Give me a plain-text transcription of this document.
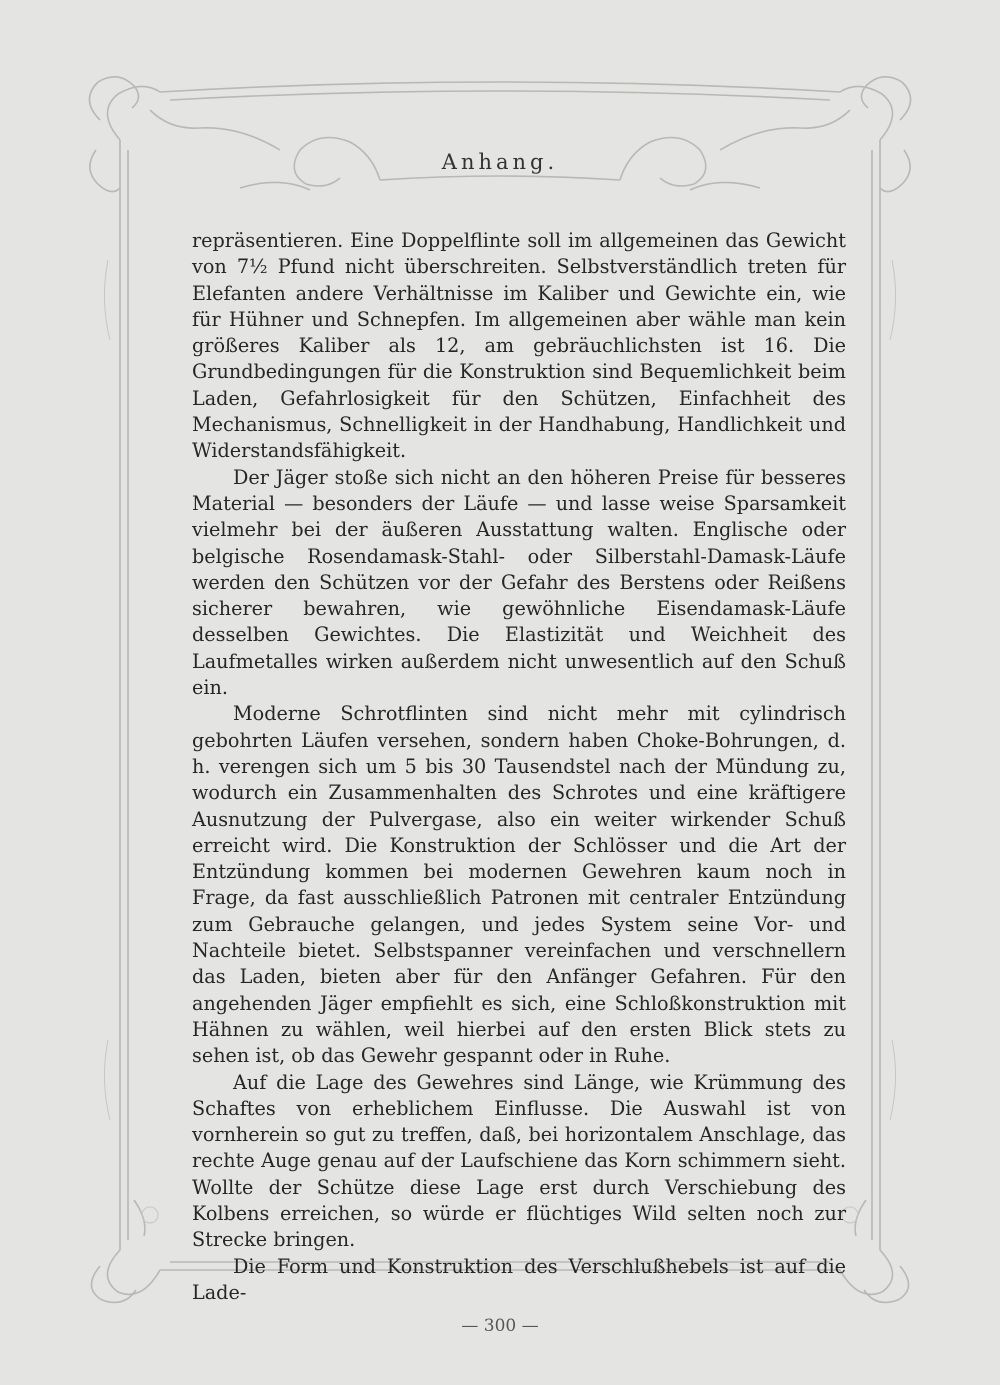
Anhang.

repräsentieren. Eine Doppelflinte soll im allgemeinen das Gewicht von 7½ Pfund nicht überschreiten. Selbstverständlich treten für Elefanten andere Verhältnisse im Kaliber und Gewichte ein, wie für Hühner und Schnepfen. Im allgemeinen aber wähle man kein größeres Kaliber als 12, am gebräuchlichsten ist 16. Die Grundbedingungen für die Konstruktion sind Bequemlichkeit beim Laden, Gefahrlosigkeit für den Schützen, Einfachheit des Mechanismus, Schnelligkeit in der Handhabung, Handlichkeit und Widerstandsfähigkeit.

Der Jäger stoße sich nicht an den höheren Preise für besseres Material — besonders der Läufe — und lasse weise Sparsamkeit vielmehr bei der äußeren Ausstattung walten. Englische oder belgische Rosendamask-Stahl- oder Silberstahl-Damask-Läufe werden den Schützen vor der Gefahr des Berstens oder Reißens sicherer bewahren, wie gewöhnliche Eisendamask-Läufe desselben Gewichtes. Die Elastizität und Weichheit des Laufmetalles wirken außerdem nicht unwesentlich auf den Schuß ein.

Moderne Schrotflinten sind nicht mehr mit cylindrisch gebohrten Läufen versehen, sondern haben Choke-Bohrungen, d. h. verengen sich um 5 bis 30 Tausendstel nach der Mündung zu, wodurch ein Zusammenhalten des Schrotes und eine kräftigere Ausnutzung der Pulvergase, also ein weiter wirkender Schuß erreicht wird. Die Konstruktion der Schlösser und die Art der Entzündung kommen bei modernen Gewehren kaum noch in Frage, da fast ausschließlich Patronen mit centraler Entzündung zum Gebrauche gelangen, und jedes System seine Vor- und Nachteile bietet. Selbstspanner vereinfachen und verschnellern das Laden, bieten aber für den Anfänger Gefahren. Für den angehenden Jäger empfiehlt es sich, eine Schloßkonstruktion mit Hähnen zu wählen, weil hierbei auf den ersten Blick stets zu sehen ist, ob das Gewehr gespannt oder in Ruhe.

Auf die Lage des Gewehres sind Länge, wie Krümmung des Schaftes von erheblichem Einflusse. Die Auswahl ist von vornherein so gut zu treffen, daß, bei horizontalem Anschlage, das rechte Auge genau auf der Laufschiene das Korn schimmern sieht. Wollte der Schütze diese Lage erst durch Verschiebung des Kolbens erreichen, so würde er flüchtiges Wild selten noch zur Strecke bringen.

Die Form und Konstruktion des Verschlußhebels ist auf die Lade-

— 300 —
